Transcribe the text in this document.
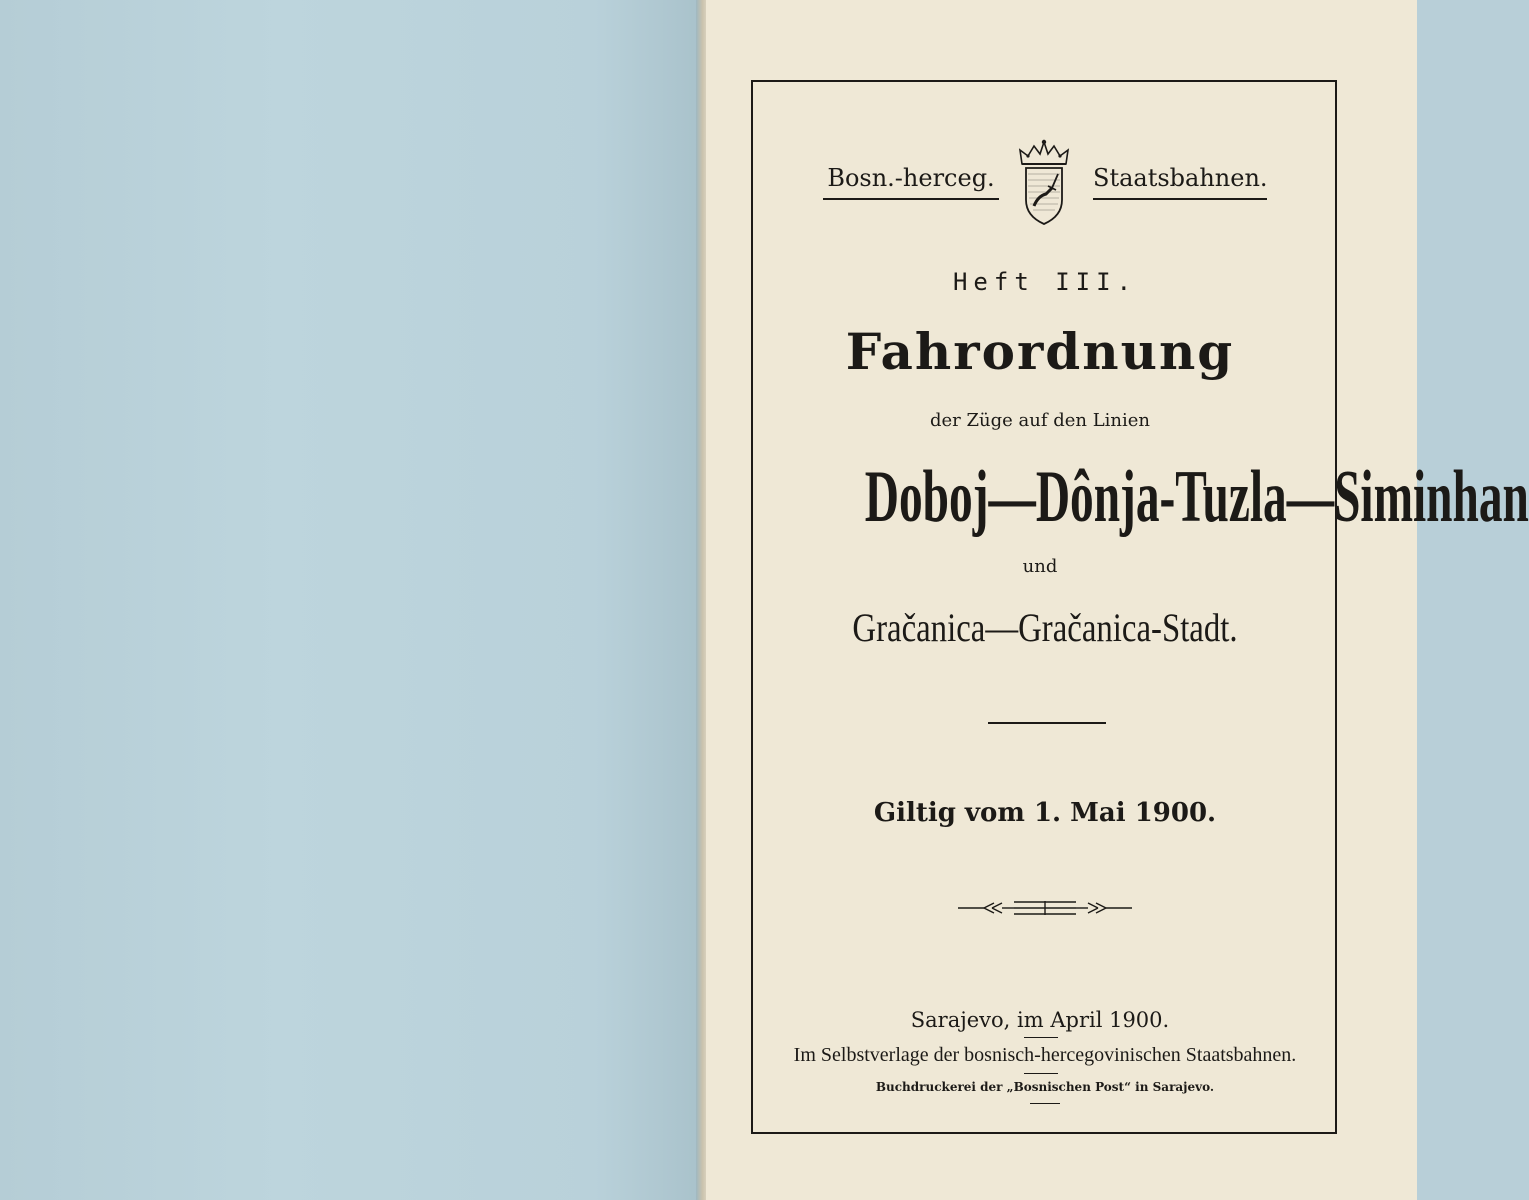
Bosn.-herceg.	Staatsbahnen.
Heft III.
Fahrordnung
der Züge auf den Linien
Doboj—Dônja-Tuzla—Siminhan
und
Gračanica—Gračanica-Stadt.
Giltig vom 1. Mai 1900.
Sarajevo, im April 1900.
Im Selbstverlage der bosnisch-hercegovinischen Staatsbahnen.
Buchdruckerei der „Bosnischen Post“ in Sarajevo.
